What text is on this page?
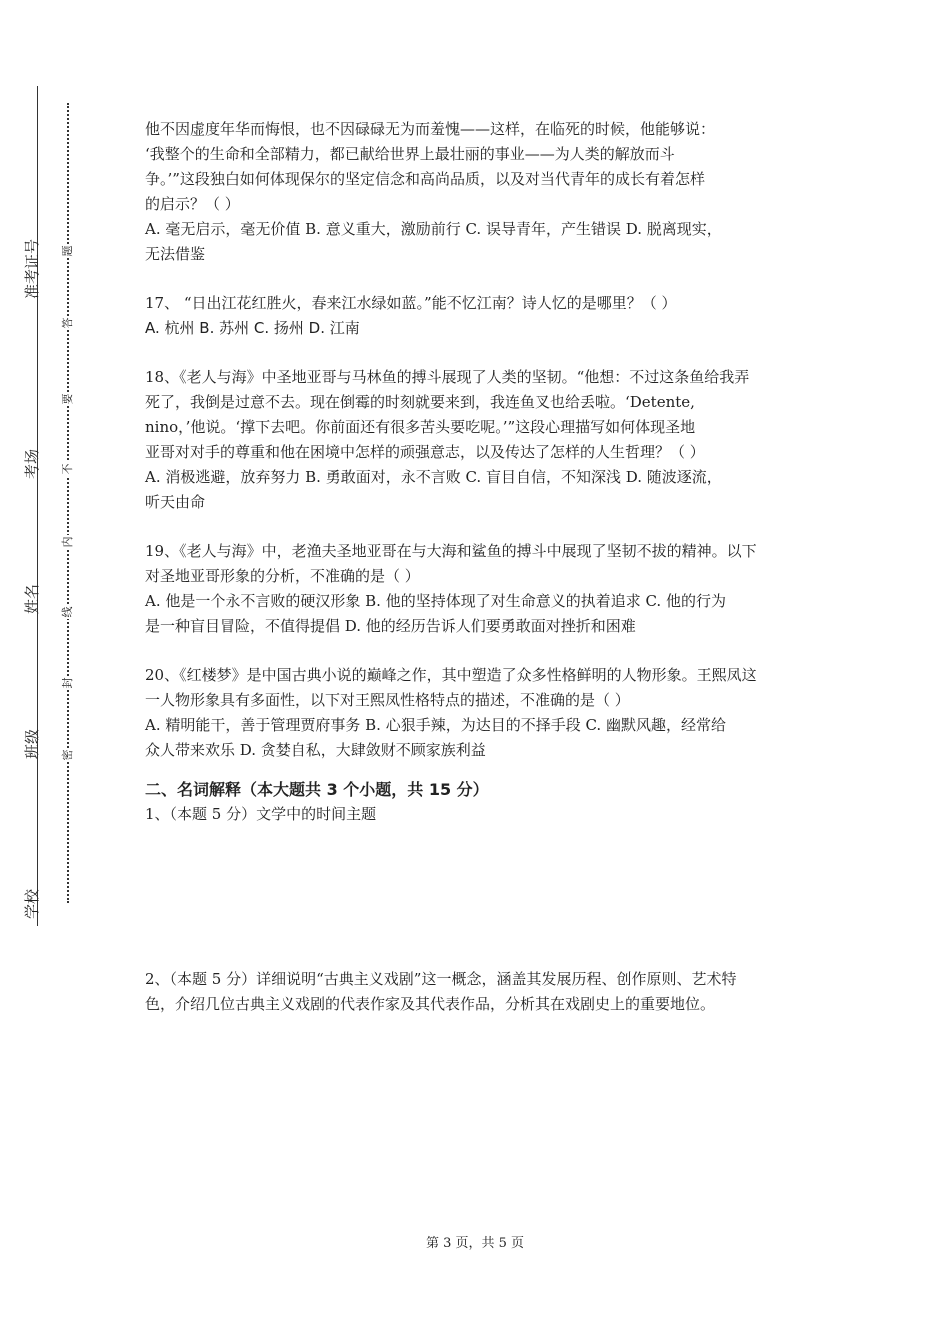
准考证号
考场
姓名
班级
学校
题
答
要
不
内
线
封
密

他不因虚度年华而悔恨，也不因碌碌无为而羞愧——这样，在临死的时候，他能够说：

‘我整个的生命和全部精力，都已献给世界上最壮丽的事业——为人类的解放而斗

争。’”这段独白如何体现保尔的坚定信念和高尚品质，以及对当代青年的成长有着怎样

的启示？（ ）

A. 毫无启示，毫无价值 B. 意义重大，激励前行 C. 误导青年，产生错误 D. 脱离现实，

无法借鉴

17、 “日出江花红胜火，春来江水绿如蓝。”能不忆江南？诗人忆的是哪里？（ ）

A. 杭州 B. 苏州 C. 扬州 D. 江南

18、《老人与海》中圣地亚哥与马林鱼的搏斗展现了人类的坚韧。“他想：不过这条鱼给我弄

死了，我倒是过意不去。现在倒霉的时刻就要来到，我连鱼叉也给丢啦。‘Detente,

nino，’他说。‘撑下去吧。你前面还有很多苦头要吃呢。’”这段心理描写如何体现圣地

亚哥对对手的尊重和他在困境中怎样的顽强意志，以及传达了怎样的人生哲理？（ ）

A. 消极逃避，放弃努力 B. 勇敢面对，永不言败 C. 盲目自信，不知深浅 D. 随波逐流，

听天由命

19、《老人与海》中，老渔夫圣地亚哥在与大海和鲨鱼的搏斗中展现了坚韧不拔的精神。以下

对圣地亚哥形象的分析，不准确的是（ ）

A. 他是一个永不言败的硬汉形象 B. 他的坚持体现了对生命意义的执着追求 C. 他的行为

是一种盲目冒险，不值得提倡 D. 他的经历告诉人们要勇敢面对挫折和困难

20、《红楼梦》是中国古典小说的巅峰之作，其中塑造了众多性格鲜明的人物形象。王熙凤这

一人物形象具有多面性，以下对王熙凤性格特点的描述，不准确的是（ ）

A. 精明能干，善于管理贾府事务 B. 心狠手辣，为达目的不择手段 C. 幽默风趣，经常给

众人带来欢乐 D. 贪婪自私，大肆敛财不顾家族利益

二、名词解释（本大题共 3 个小题，共 15 分）

1、（本题 5 分）文学中的时间主题

2、（本题 5 分）详细说明“古典主义戏剧”这一概念，涵盖其发展历程、创作原则、艺术特

色，介绍几位古典主义戏剧的代表作家及其代表作品，分析其在戏剧史上的重要地位。

第 3 页，共 5 页
